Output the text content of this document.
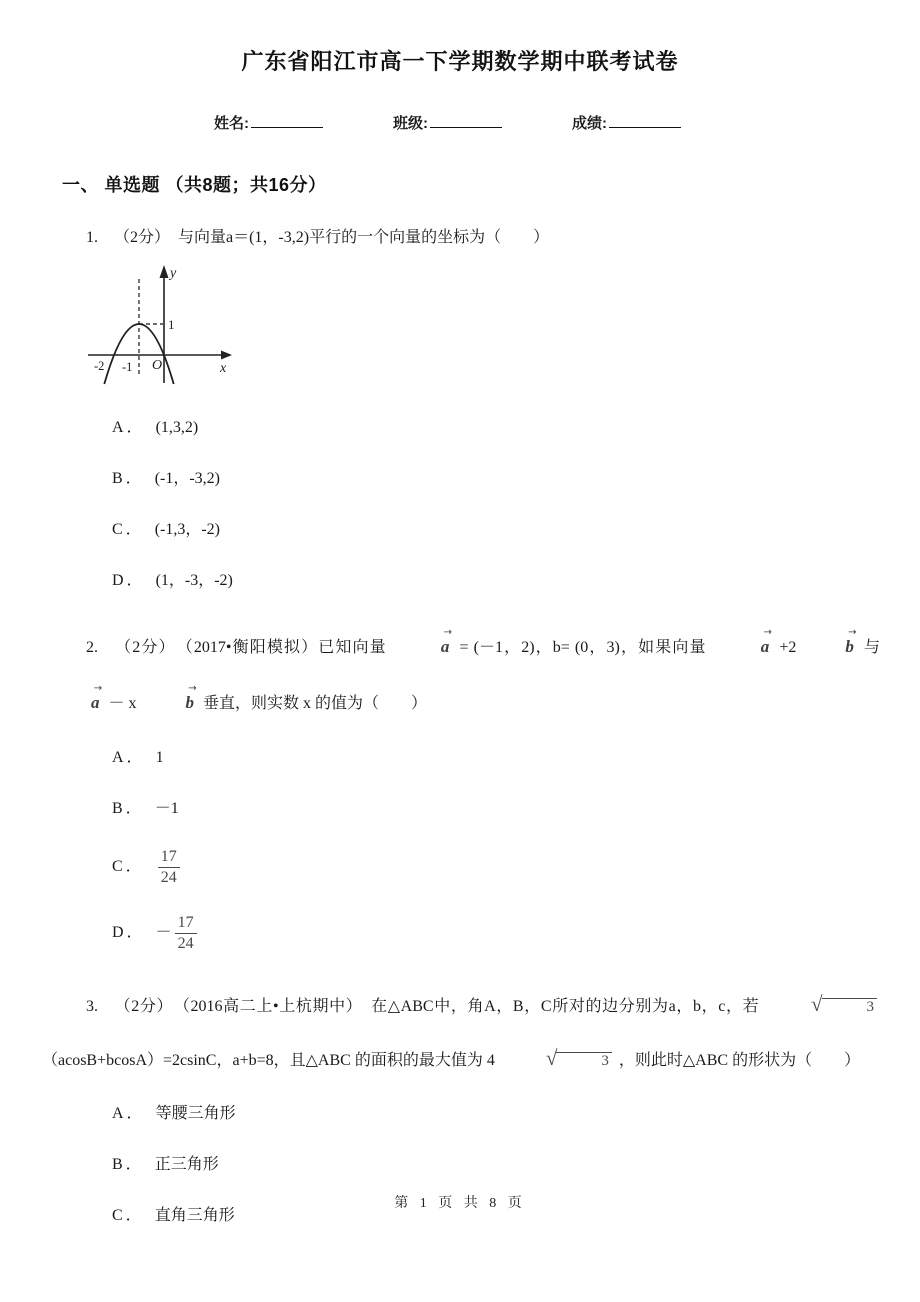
广东省阳江市高一下学期数学期中联考试卷
姓名:	班级:	成绩:
一、 单选题 （共8题；共16分）

1. （2分）　与向量a＝(1，-3,2)平行的一个向量的坐标为（　　）

y
x
O
-2 -1
1

A． (1,3,2)

B． (-1，-3,2)

C． (-1,3，-2)

D． (1，-3，-2)

2. （2分）　（2017•衡阳模拟）已知向量
→
a = (－1，2)，b= (0，3)，如果向量
→
a +2
→
b 与
→
a － x
→
b 垂直，则实数 x 的值为（　　）

A． 1

B． －1

C． $\frac{17}{24}$

D． － $\frac{17}{24}$

3. （2分）　（2016高二上•上杭期中）　在△ABC中，角A，B，C所对的边分别为a，b，c，若 √	3 （acosB+bcosA）=2csinC，a+b=8，且△ABC 的面积的最大值为 4 √	3 ，则此时△ABC 的形状为（　　）

A． 等腰三角形

B． 正三角形

C． 直角三角形

第 1 页 共 8 页
